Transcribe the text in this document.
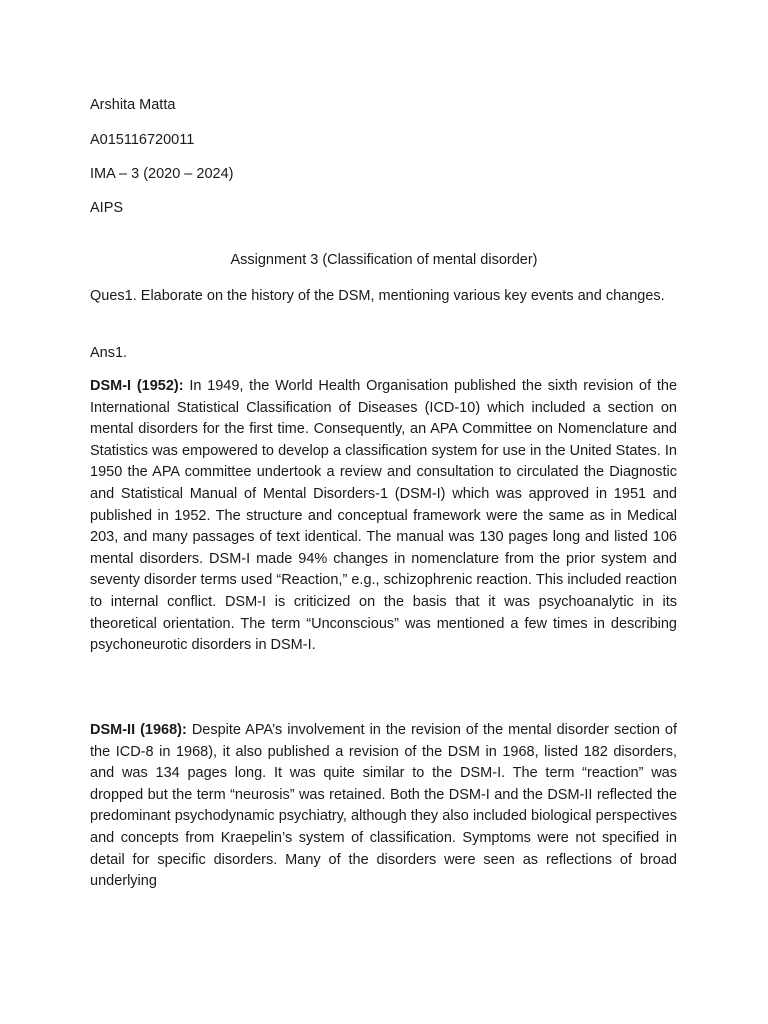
Arshita Matta
A015116720011
IMA – 3 (2020 – 2024)
AIPS
Assignment 3 (Classification of mental disorder)
Ques1. Elaborate on the history of the DSM, mentioning various key events and changes.
Ans1.
DSM-I (1952): In 1949, the World Health Organisation published the sixth revision of the International Statistical Classification of Diseases (ICD-10) which included a section on mental disorders for the first time. Consequently, an APA Committee on Nomenclature and Statistics was empowered to develop a classification system for use in the United States. In 1950 the APA committee undertook a review and consultation to circulated the Diagnostic and Statistical Manual of Mental Disorders-1 (DSM-I) which was approved in 1951 and published in 1952. The structure and conceptual framework were the same as in Medical 203, and many passages of text identical. The manual was 130 pages long and listed 106 mental disorders. DSM-I made 94% changes in nomenclature from the prior system and seventy disorder terms used “Reaction,” e.g., schizophrenic reaction. This included reaction to internal conflict. DSM-I is criticized on the basis that it was psychoanalytic in its theoretical orientation. The term “Unconscious” was mentioned a few times in describing psychoneurotic disorders in DSM-I.
DSM-II (1968): Despite APA’s involvement in the revision of the mental disorder section of the ICD-8 in 1968), it also published a revision of the DSM in 1968, listed 182 disorders, and was 134 pages long. It was quite similar to the DSM-I. The term “reaction” was dropped but the term “neurosis” was retained. Both the DSM-I and the DSM-II reflected the predominant psychodynamic psychiatry, although they also included biological perspectives and concepts from Kraepelin’s system of classification. Symptoms were not specified in detail for specific disorders. Many of the disorders were seen as reflections of broad underlying
